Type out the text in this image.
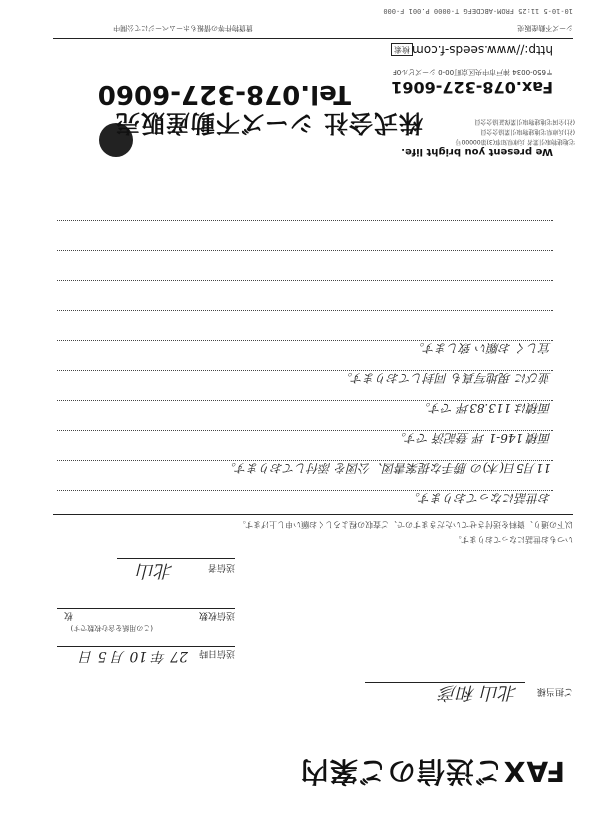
10-10-5 11:25 FROM-ABCDEFG T-0000 P.001 F-000
FAXご送信のご案内
ご担当様
北山 和彦
送信日時
27 年 10 月 5 日
送信枚数
枚
(この用紙を含む枚数です)
送信者
北山
いつもお世話になっております。
以下の通り、資料を送付させていただきますので、ご査収の程よろしくお願い申し上げます。
お世話になっております。
11月5日(木)の 勝手な提案書図、公図を 添付しております。
面積 146-1 坪 登記済 です。
面積は 113.83坪 です。
並びに 現地写真も 同封しております。
宜しく お願い 致します。
We present you bright life.
株式会社 シーズ不動産販売
宅地建物取引業者 兵庫県知事(3)第00000号
(社)兵庫県宅地建物取引業協会会員
(社)全国宅地建物取引業保証協会会員
Tel.078-327-6060	Fax.078-327-6061
〒650-0034 神戸市中央区京町00-0 シーズビル0F
http://www.seeds-f.com
検索
シーズ不動産販売
賃貸物件等の情報もホームページにて公開中
